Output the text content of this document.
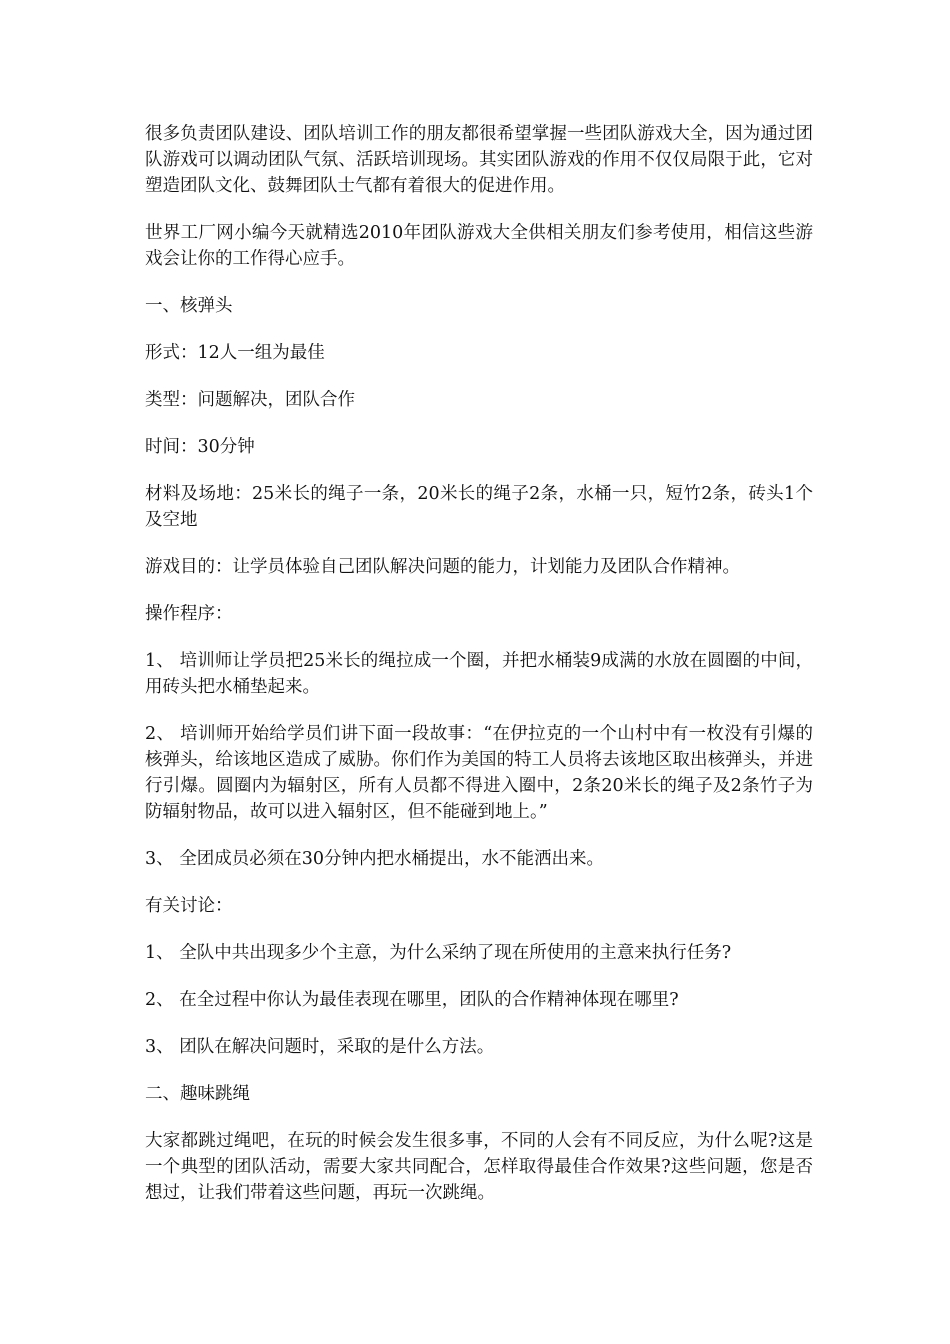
很多负责团队建设、团队培训工作的朋友都很希望掌握一些团队游戏大全，因为通过团队游戏可以调动团队气氛、活跃培训现场。其实团队游戏的作用不仅仅局限于此，它对塑造团队文化、鼓舞团队士气都有着很大的促进作用。

世界工厂网小编今天就精选2010年团队游戏大全供相关朋友们参考使用，相信这些游戏会让你的工作得心应手。

一、核弹头

形式：12人一组为最佳

类型：问题解决，团队合作

时间：30分钟

材料及场地：25米长的绳子一条，20米长的绳子2条，水桶一只，短竹2条，砖头1个及空地

游戏目的：让学员体验自己团队解决问题的能力，计划能力及团队合作精神。

操作程序：

1、 培训师让学员把25米长的绳拉成一个圈，并把水桶装9成满的水放在圆圈的中间，用砖头把水桶垫起来。

2、 培训师开始给学员们讲下面一段故事：“在伊拉克的一个山村中有一枚没有引爆的核弹头，给该地区造成了威胁。你们作为美国的特工人员将去该地区取出核弹头，并进行引爆。圆圈内为辐射区，所有人员都不得进入圈中，2条20米长的绳子及2条竹子为防辐射物品，故可以进入辐射区，但不能碰到地上。”

3、 全团成员必须在30分钟内把水桶提出，水不能洒出来。

有关讨论：

1、 全队中共出现多少个主意，为什么采纳了现在所使用的主意来执行任务?

2、 在全过程中你认为最佳表现在哪里，团队的合作精神体现在哪里?

3、 团队在解决问题时，采取的是什么方法。

二、趣味跳绳

大家都跳过绳吧，在玩的时候会发生很多事，不同的人会有不同反应，为什么呢?这是一个典型的团队活动，需要大家共同配合，怎样取得最佳合作效果?这些问题，您是否想过，让我们带着这些问题，再玩一次跳绳。
